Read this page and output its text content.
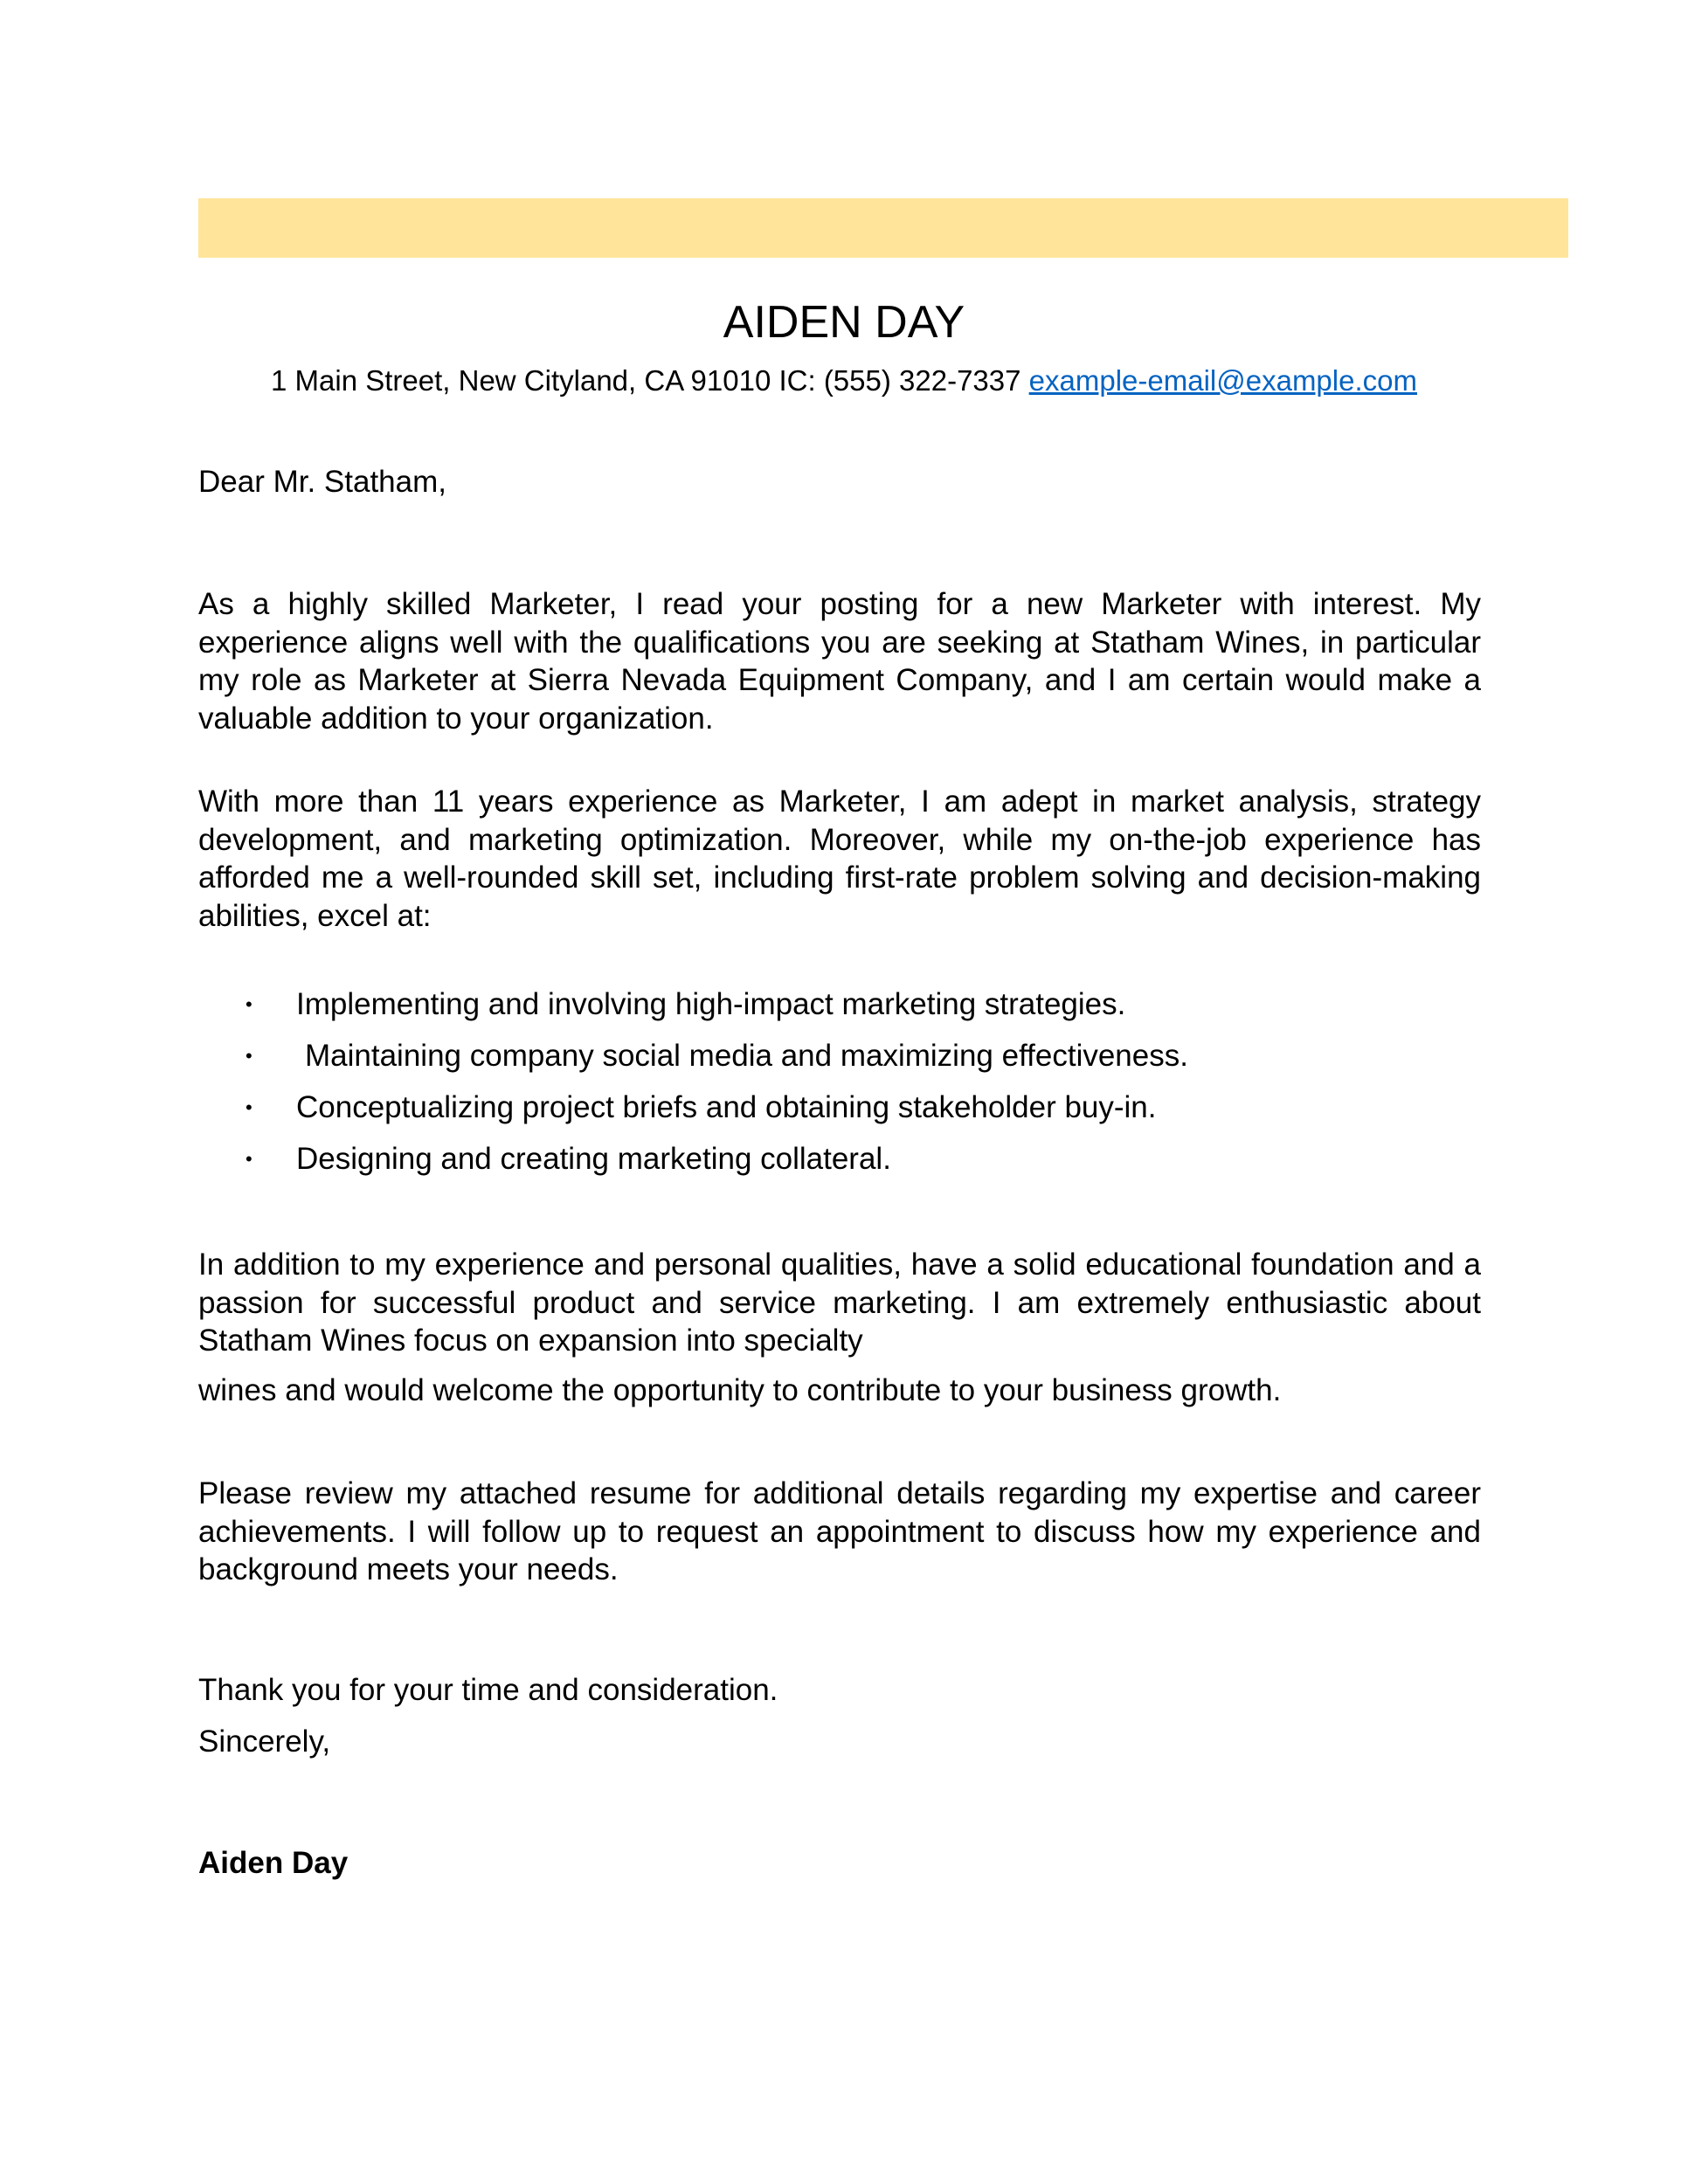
AIDEN DAY
1 Main Street, New Cityland, CA 91010 IC: (555) 322-7337 example-email@example.com

Dear Mr. Statham,

As a highly skilled Marketer, I read your posting for a new Marketer with interest. My experience aligns well with the qualifications you are seeking at Statham Wines, in particular my role as Marketer at Sierra Nevada Equipment Company, and I am certain would make a valuable addition to your organization.

With more than 11 years experience as Marketer, I am adept in market analysis, strategy development, and marketing optimization. Moreover, while my on-the-job experience has afforded me a well-rounded skill set, including first-rate problem solving and decision-making abilities, excel at:

• Implementing and involving high-impact marketing strategies.
• Maintaining company social media and maximizing effectiveness.
• Conceptualizing project briefs and obtaining stakeholder buy-in.
• Designing and creating marketing collateral.

In addition to my experience and personal qualities, have a solid educational foundation and a passion for successful product and service marketing. I am extremely enthusiastic about Statham Wines focus on expansion into specialty

wines and would welcome the opportunity to contribute to your business growth.

Please review my attached resume for additional details regarding my expertise and career achievements. I will follow up to request an appointment to discuss how my experience and background meets your needs.

Thank you for your time and consideration.

Sincerely,

Aiden Day
